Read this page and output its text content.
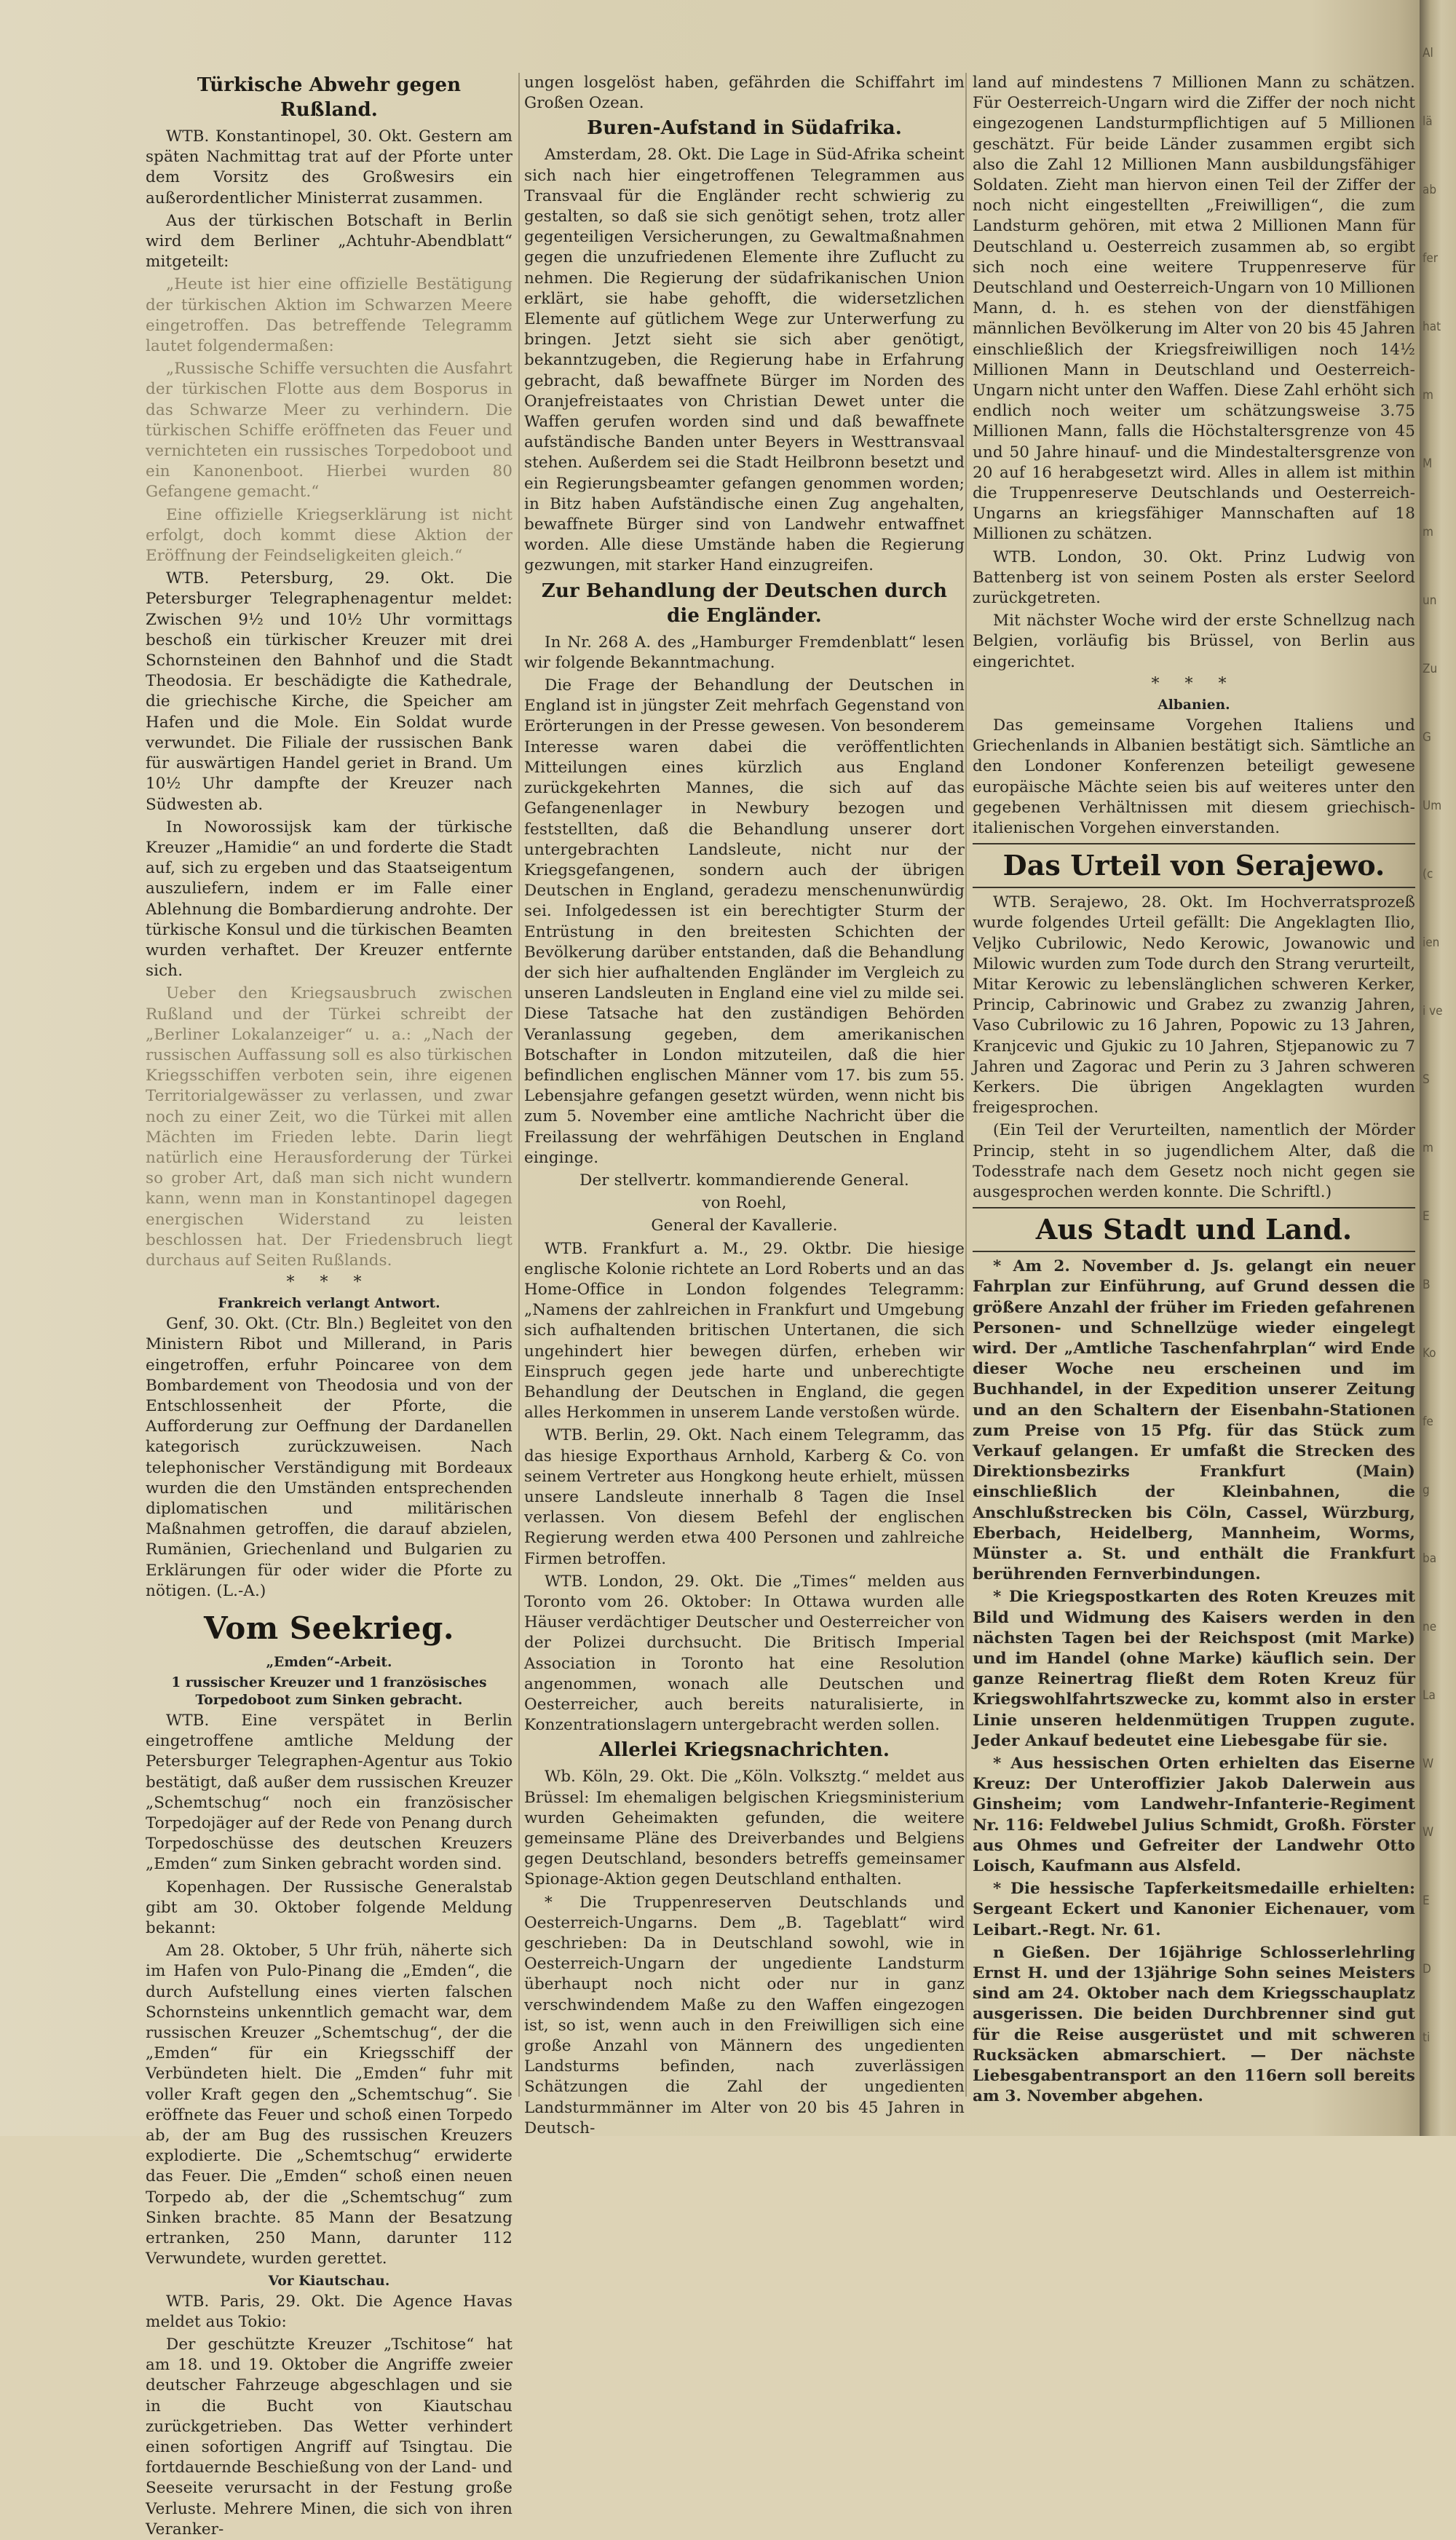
Türkische Abwehr gegen Rußland.

WTB. Konstantinopel, 30. Okt. Gestern am späten Nachmittag trat auf der Pforte unter dem Vorsitz des Großwesirs ein außerordentlicher Ministerrat zusammen.

Aus der türkischen Botschaft in Berlin wird dem Berliner „Achtuhr-Abendblatt“ mitgeteilt:

„Heute ist hier eine offizielle Bestätigung der türkischen Aktion im Schwarzen Meere eingetroffen. Das betreffende Telegramm lautet folgendermaßen:

„Russische Schiffe versuchten die Ausfahrt der türkischen Flotte aus dem Bosporus in das Schwarze Meer zu verhindern. Die türkischen Schiffe eröffneten das Feuer und vernichteten ein russisches Torpedoboot und ein Kanonenboot. Hierbei wurden 80 Gefangene gemacht.“

Eine offizielle Kriegserklärung ist nicht erfolgt, doch kommt diese Aktion der Eröffnung der Feindseligkeiten gleich.“

WTB. Petersburg, 29. Okt. Die Petersburger Telegraphenagentur meldet: Zwischen 9½ und 10½ Uhr vormittags beschoß ein türkischer Kreuzer mit drei Schornsteinen den Bahnhof und die Stadt Theodosia. Er beschädigte die Kathedrale, die griechische Kirche, die Speicher am Hafen und die Mole. Ein Soldat wurde verwundet. Die Filiale der russischen Bank für auswärtigen Handel geriet in Brand. Um 10½ Uhr dampfte der Kreuzer nach Südwesten ab.

In Noworossijsk kam der türkische Kreuzer „Hamidie“ an und forderte die Stadt auf, sich zu ergeben und das Staatseigentum auszuliefern, indem er im Falle einer Ablehnung die Bombardierung androhte. Der türkische Konsul und die türkischen Beamten wurden verhaftet. Der Kreuzer entfernte sich.

Ueber den Kriegsausbruch zwischen Rußland und der Türkei schreibt der „Berliner Lokalanzeiger“ u. a.: „Nach der russischen Auffassung soll es also türkischen Kriegsschiffen verboten sein, ihre eigenen Territorialgewässer zu verlassen, und zwar noch zu einer Zeit, wo die Türkei mit allen Mächten im Frieden lebte. Darin liegt natürlich eine Herausforderung der Türkei so grober Art, daß man sich nicht wundern kann, wenn man in Konstantinopel dagegen energischen Widerstand zu leisten beschlossen hat. Der Friedensbruch liegt durchaus auf Seiten Rußlands.

* * *
Frankreich verlangt Antwort.

Genf, 30. Okt. (Ctr. Bln.) Begleitet von den Ministern Ribot und Millerand, in Paris eingetroffen, erfuhr Poincaree von dem Bombardement von Theodosia und von der Entschlossenheit der Pforte, die Aufforderung zur Oeffnung der Dardanellen kategorisch zurückzuweisen. Nach telephonischer Verständigung mit Bordeaux wurden die den Umständen entsprechenden diplomatischen und militärischen Maßnahmen getroffen, die darauf abzielen, Rumänien, Griechenland und Bulgarien zu Erklärungen für oder wider die Pforte zu nötigen. (L.-A.)

Vom Seekrieg.
„Emden“-Arbeit.
1 russischer Kreuzer und 1 französisches Torpedoboot zum Sinken gebracht.

WTB. Eine verspätet in Berlin eingetroffene amtliche Meldung der Petersburger Telegraphen-Agentur aus Tokio bestätigt, daß außer dem russischen Kreuzer „Schemtschug“ noch ein französischer Torpedojäger auf der Rede von Penang durch Torpedoschüsse des deutschen Kreuzers „Emden“ zum Sinken gebracht worden sind.

Kopenhagen. Der Russische Generalstab gibt am 30. Oktober folgende Meldung bekannt:

Am 28. Oktober, 5 Uhr früh, näherte sich im Hafen von Pulo-Pinang die „Emden“, die durch Aufstellung eines vierten falschen Schornsteins unkenntlich gemacht war, dem russischen Kreuzer „Schemtschug“, der die „Emden“ für ein Kriegsschiff der Verbündeten hielt. Die „Emden“ fuhr mit voller Kraft gegen den „Schemtschug“. Sie eröffnete das Feuer und schoß einen Torpedo ab, der am Bug des russischen Kreuzers explodierte. Die „Schemtschug“ erwiderte das Feuer. Die „Emden“ schoß einen neuen Torpedo ab, der die „Schemtschug“ zum Sinken brachte. 85 Mann der Besatzung ertranken, 250 Mann, darunter 112 Verwundete, wurden gerettet.

Vor Kiautschau.

WTB. Paris, 29. Okt. Die Agence Havas meldet aus Tokio:

Der geschützte Kreuzer „Tschitose“ hat am 18. und 19. Oktober die Angriffe zweier deutscher Fahrzeuge abgeschlagen und sie in die Bucht von Kiautschau zurückgetrieben. Das Wetter verhindert einen sofortigen Angriff auf Tsingtau. Die fortdauernde Beschießung von der Land- und Seeseite verursacht in der Festung große Verluste. Mehrere Minen, die sich von ihren Veranker-

ungen losgelöst haben, gefährden die Schiffahrt im Großen Ozean.

Buren-Aufstand in Südafrika.

Amsterdam, 28. Okt. Die Lage in Süd-Afrika scheint sich nach hier eingetroffenen Telegrammen aus Transvaal für die Engländer recht schwierig zu gestalten, so daß sie sich genötigt sehen, trotz aller gegenteiligen Versicherungen, zu Gewaltmaßnahmen gegen die unzufriedenen Elemente ihre Zuflucht zu nehmen. Die Regierung der südafrikanischen Union erklärt, sie habe gehofft, die widersetzlichen Elemente auf gütlichem Wege zur Unterwerfung zu bringen. Jetzt sieht sie sich aber genötigt, bekanntzugeben, die Regierung habe in Erfahrung gebracht, daß bewaffnete Bürger im Norden des Oranjefreistaates von Christian Dewet unter die Waffen gerufen worden sind und daß bewaffnete aufständische Banden unter Beyers in Westtransvaal stehen. Außerdem sei die Stadt Heilbronn besetzt und ein Regierungsbeamter gefangen genommen worden; in Bitz haben Aufständische einen Zug angehalten, bewaffnete Bürger sind von Landwehr entwaffnet worden. Alle diese Umstände haben die Regierung gezwungen, mit starker Hand einzugreifen.

Zur Behandlung der Deutschen durch die Engländer.

In Nr. 268 A. des „Hamburger Fremdenblatt“ lesen wir folgende Bekanntmachung.

Die Frage der Behandlung der Deutschen in England ist in jüngster Zeit mehrfach Gegenstand von Erörterungen in der Presse gewesen. Von besonderem Interesse waren dabei die veröffentlichten Mitteilungen eines kürzlich aus England zurückgekehrten Mannes, die sich auf das Gefangenenlager in Newbury bezogen und feststellten, daß die Behandlung unserer dort untergebrachten Landsleute, nicht nur der Kriegsgefangenen, sondern auch der übrigen Deutschen in England, geradezu menschenunwürdig sei. Infolgedessen ist ein berechtigter Sturm der Entrüstung in den breitesten Schichten der Bevölkerung darüber entstanden, daß die Behandlung der sich hier aufhaltenden Engländer im Vergleich zu unseren Landsleuten in England eine viel zu milde sei. Diese Tatsache hat den zuständigen Behörden Veranlassung gegeben, dem amerikanischen Botschafter in London mitzuteilen, daß die hier befindlichen englischen Männer vom 17. bis zum 55. Lebensjahre gefangen gesetzt würden, wenn nicht bis zum 5. November eine amtliche Nachricht über die Freilassung der wehrfähigen Deutschen in England einginge.

Der stellvertr. kommandierende General.

von Roehl,

General der Kavallerie.

WTB. Frankfurt a. M., 29. Oktbr. Die hiesige englische Kolonie richtete an Lord Roberts und an das Home-Office in London folgendes Telegramm: „Namens der zahlreichen in Frankfurt und Umgebung sich aufhaltenden britischen Untertanen, die sich ungehindert hier bewegen dürfen, erheben wir Einspruch gegen jede harte und unberechtigte Behandlung der Deutschen in England, die gegen alles Herkommen in unserem Lande verstoßen würde.

WTB. Berlin, 29. Okt. Nach einem Telegramm, das das hiesige Exporthaus Arnhold, Karberg & Co. von seinem Vertreter aus Hongkong heute erhielt, müssen unsere Landsleute innerhalb 8 Tagen die Insel verlassen. Von diesem Befehl der englischen Regierung werden etwa 400 Personen und zahlreiche Firmen betroffen.

WTB. London, 29. Okt. Die „Times“ melden aus Toronto vom 26. Oktober: In Ottawa wurden alle Häuser verdächtiger Deutscher und Oesterreicher von der Polizei durchsucht. Die Britisch Imperial Association in Toronto hat eine Resolution angenommen, wonach alle Deutschen und Oesterreicher, auch bereits naturalisierte, in Konzentrationslagern untergebracht werden sollen.

Allerlei Kriegsnachrichten.

Wb. Köln, 29. Okt. Die „Köln. Volksztg.“ meldet aus Brüssel: Im ehemaligen belgischen Kriegsministerium wurden Geheimakten gefunden, die weitere gemeinsame Pläne des Dreiverbandes und Belgiens gegen Deutschland, besonders betreffs gemeinsamer Spionage-Aktion gegen Deutschland enthalten.

* Die Truppenreserven Deutschlands und Oesterreich-Ungarns. Dem „B. Tageblatt“ wird geschrieben: Da in Deutschland sowohl, wie in Oesterreich-Ungarn der ungediente Landsturm überhaupt noch nicht oder nur in ganz verschwindendem Maße zu den Waffen eingezogen ist, so ist, wenn auch in den Freiwilligen sich eine große Anzahl von Männern des ungedienten Landsturms befinden, nach zuverlässigen Schätzungen die Zahl der ungedienten Landsturmmänner im Alter von 20 bis 45 Jahren in Deutsch-

land auf mindestens 7 Millionen Mann zu schätzen. Für Oesterreich-Ungarn wird die Ziffer der noch nicht eingezogenen Landsturmpflichtigen auf 5 Millionen geschätzt. Für beide Länder zusammen ergibt sich also die Zahl 12 Millionen Mann ausbildungsfähiger Soldaten. Zieht man hiervon einen Teil der Ziffer der noch nicht eingestellten „Freiwilligen“, die zum Landsturm gehören, mit etwa 2 Millionen Mann für Deutschland u. Oesterreich zusammen ab, so ergibt sich noch eine weitere Truppenreserve für Deutschland und Oesterreich-Ungarn von 10 Millionen Mann, d. h. es stehen von der dienstfähigen männlichen Bevölkerung im Alter von 20 bis 45 Jahren einschließlich der Kriegsfreiwilligen noch 14½ Millionen Mann in Deutschland und Oesterreich-Ungarn nicht unter den Waffen. Diese Zahl erhöht sich endlich noch weiter um schätzungsweise 3.75 Millionen Mann, falls die Höchstaltersgrenze von 45 und 50 Jahre hinauf- und die Mindestaltersgrenze von 20 auf 16 herabgesetzt wird. Alles in allem ist mithin die Truppenreserve Deutschlands und Oesterreich-Ungarns an kriegsfähiger Mannschaften auf 18 Millionen zu schätzen.

WTB. London, 30. Okt. Prinz Ludwig von Battenberg ist von seinem Posten als erster Seelord zurückgetreten.

Mit nächster Woche wird der erste Schnellzug nach Belgien, vorläufig bis Brüssel, von Berlin aus eingerichtet.

* * *
Albanien.

Das gemeinsame Vorgehen Italiens und Griechenlands in Albanien bestätigt sich. Sämtliche an den Londoner Konferenzen beteiligt gewesene europäische Mächte seien bis auf weiteres unter den gegebenen Verhältnissen mit diesem griechisch-italienischen Vorgehen einverstanden.

Das Urteil von Serajewo.

WTB. Serajewo, 28. Okt. Im Hochverratsprozeß wurde folgendes Urteil gefällt: Die Angeklagten Ilio, Veljko Cubrilowic, Nedo Kerowic, Jowanowic und Milowic wurden zum Tode durch den Strang verurteilt, Mitar Kerowic zu lebenslänglichen schweren Kerker, Princip, Cabrinowic und Grabez zu zwanzig Jahren, Vaso Cubrilowic zu 16 Jahren, Popowic zu 13 Jahren, Kranjcevic und Gjukic zu 10 Jahren, Stjepanowic zu 7 Jahren und Zagorac und Perin zu 3 Jahren schweren Kerkers. Die übrigen Angeklagten wurden freigesprochen.

(Ein Teil der Verurteilten, namentlich der Mörder Princip, steht in so jugendlichem Alter, daß die Todesstrafe nach dem Gesetz noch nicht gegen sie ausgesprochen werden konnte. Die Schriftl.)

Aus Stadt und Land.

* Am 2. November d. Js. gelangt ein neuer Fahrplan zur Einführung, auf Grund dessen die größere Anzahl der früher im Frieden gefahrenen Personen- und Schnellzüge wieder eingelegt wird. Der „Amtliche Taschenfahrplan“ wird Ende dieser Woche neu erscheinen und im Buchhandel, in der Expedition unserer Zeitung und an den Schaltern der Eisenbahn-Stationen zum Preise von 15 Pfg. für das Stück zum Verkauf gelangen. Er umfaßt die Strecken des Direktionsbezirks Frankfurt (Main) einschließlich der Kleinbahnen, die Anschlußstrecken bis Cöln, Cassel, Würzburg, Eberbach, Heidelberg, Mannheim, Worms, Münster a. St. und enthält die Frankfurt berührenden Fernverbindungen.

* Die Kriegspostkarten des Roten Kreuzes mit Bild und Widmung des Kaisers werden in den nächsten Tagen bei der Reichspost (mit Marke) und im Handel (ohne Marke) käuflich sein. Der ganze Reinertrag fließt dem Roten Kreuz für Kriegswohlfahrtszwecke zu, kommt also in erster Linie unseren heldenmütigen Truppen zugute. Jeder Ankauf bedeutet eine Liebesgabe für sie.

* Aus hessischen Orten erhielten das Eiserne Kreuz: Der Unteroffizier Jakob Dalerwein aus Ginsheim; vom Landwehr-Infanterie-Regiment Nr. 116: Feldwebel Julius Schmidt, Großh. Förster aus Ohmes und Gefreiter der Landwehr Otto Loisch, Kaufmann aus Alsfeld.

* Die hessische Tapferkeitsmedaille erhielten: Sergeant Eckert und Kanonier Eichenauer, vom Leibart.-Regt. Nr. 61.

n Gießen. Der 16jährige Schlosserlehrling Ernst H. und der 13jährige Sohn seines Meisters sind am 24. Oktober nach dem Kriegsschauplatz ausgerissen. Die beiden Durchbrenner sind gut für die Reise ausgerüstet und mit schweren Rucksäcken abmarschiert. — Der nächste Liebesgabentransport an den 116ern soll bereits am 3. November abgehen.

Al
lä
ab
fer
hat
m
M
m
un
Zu
G
Um
(c
ien
i ve
S
m
E
B
Ko
fe
g
ba
ne
La
W
W
E
D
ti
